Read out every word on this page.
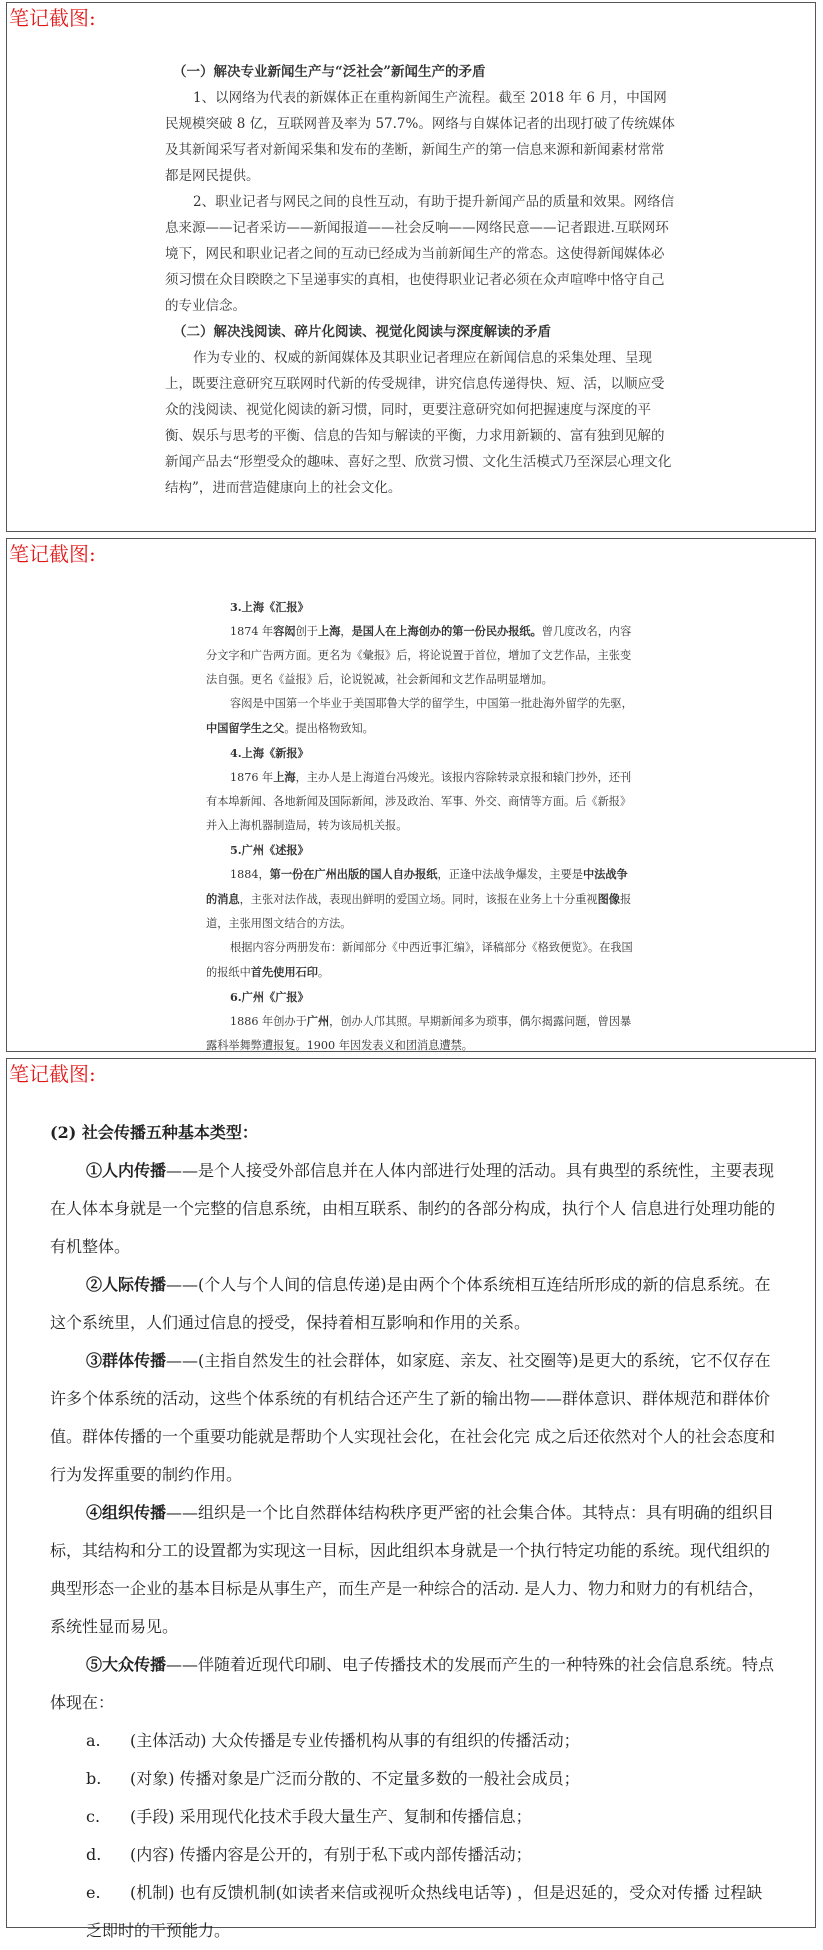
笔记截图:

（一）解决专业新闻生产与“泛社会”新闻生产的矛盾

1、以网络为代表的新媒体正在重构新闻生产流程。截至 2018 年 6 月，中国网民规模突破 8 亿，互联网普及率为 57.7%。网络与自媒体记者的出现打破了传统媒体及其新闻采写者对新闻采集和发布的垄断，新闻生产的第一信息来源和新闻素材常常都是网民提供。

2、职业记者与网民之间的良性互动，有助于提升新闻产品的质量和效果。网络信息来源——记者采访——新闻报道——社会反响——网络民意——记者跟进.互联网环境下，网民和职业记者之间的互动已经成为当前新闻生产的常态。这使得新闻媒体必须习惯在众目睽睽之下呈递事实的真相，也使得职业记者必须在众声喧哗中恪守自己的专业信念。

（二）解决浅阅读、碎片化阅读、视觉化阅读与深度解读的矛盾

作为专业的、权威的新闻媒体及其职业记者理应在新闻信息的采集处理、呈现上，既要注意研究互联网时代新的传受规律，讲究信息传递得快、短、活，以顺应受众的浅阅读、视觉化阅读的新习惯，同时，更要注意研究如何把握速度与深度的平衡、娱乐与思考的平衡、信息的告知与解读的平衡，力求用新颖的、富有独到见解的新闻产品去“形塑受众的趣味、喜好之型、欣赏习惯、文化生活模式乃至深层心理文化结构”，进而营造健康向上的社会文化。

笔记截图:

3.上海《汇报》

1874 年容闳创于上海，是国人在上海创办的第一份民办报纸。曾几度改名，内容分文字和广告两方面。更名为《彙报》后，将论说置于首位，增加了文艺作品，主张变法自强。更名《益报》后，论说锐减，社会新闻和文艺作品明显增加。

容闳是中国第一个毕业于美国耶鲁大学的留学生，中国第一批赴海外留学的先驱，中国留学生之父。提出格物致知。

4.上海《新报》

1876 年上海，主办人是上海道台冯焌光。该报内容除转录京报和辕门抄外，还刊有本埠新闻、各地新闻及国际新闻，涉及政治、军事、外交、商情等方面。后《新报》并入上海机器制造局，转为该局机关报。

5.广州《述报》

1884，第一份在广州出版的国人自办报纸，正逢中法战争爆发，主要是中法战争的消息，主张对法作战，表现出鲜明的爱国立场。同时，该报在业务上十分重视图像报道，主张用图文结合的方法。

根据内容分两册发布：新闻部分《中西近事汇编》，译稿部分《格致便览》。在我国的报纸中首先使用石印。

6.广州《广报》

1886 年创办于广州，创办人邝其照。早期新闻多为琐事，偶尔揭露问题，曾因暴露科举舞弊遭报复。1900 年因发表义和团消息遭禁。

笔记截图:

(2) 社会传播五种基本类型：

①人内传播——是个人接受外部信息并在人体内部进行处理的活动。具有典型的系统性，主要表现在人体本身就是一个完整的信息系统，由相互联系、制约的各部分构成，执行个人 信息进行处理功能的有机整体。

②人际传播——(个人与个人间的信息传递)是由两个个体系统相互连结所形成的新的信息系统。在这个系统里，人们通过信息的授受，保持着相互影响和作用的关系。

③群体传播——(主指自然发生的社会群体，如家庭、亲友、社交圈等)是更大的系统，它不仅存在许多个体系统的活动，这些个体系统的有机结合还产生了新的输出物——群体意识、群体规范和群体价值。群体传播的一个重要功能就是帮助个人实现社会化，在社会化完 成之后还依然对个人的社会态度和行为发挥重要的制约作用。

④组织传播——组织是一个比自然群体结构秩序更严密的社会集合体。其特点：具有明确的组织目标，其结构和分工的设置都为实现这一目标，因此组织本身就是一个执行特定功能的系统。现代组织的典型形态一企业的基本目标是从事生产，而生产是一种综合的活动. 是人力、物力和财力的有机结合，系统性显而易见。

⑤大众传播——伴随着近现代印刷、电子传播技术的发展而产生的一种特殊的社会信息系统。特点体现在：

a. (主体活动) 大众传播是专业传播机构从事的有组织的传播活动；

b. (对象) 传播对象是广泛而分散的、不定量多数的一般社会成员；

c. (手段) 采用现代化技术手段大量生产、复制和传播信息；

d. (内容) 传播内容是公开的，有别于私下或内部传播活动；

e. (机制) 也有反馈机制(如读者来信或视听众热线电话等) ，但是迟延的，受众对传播 过程缺乏即时的干预能力。
